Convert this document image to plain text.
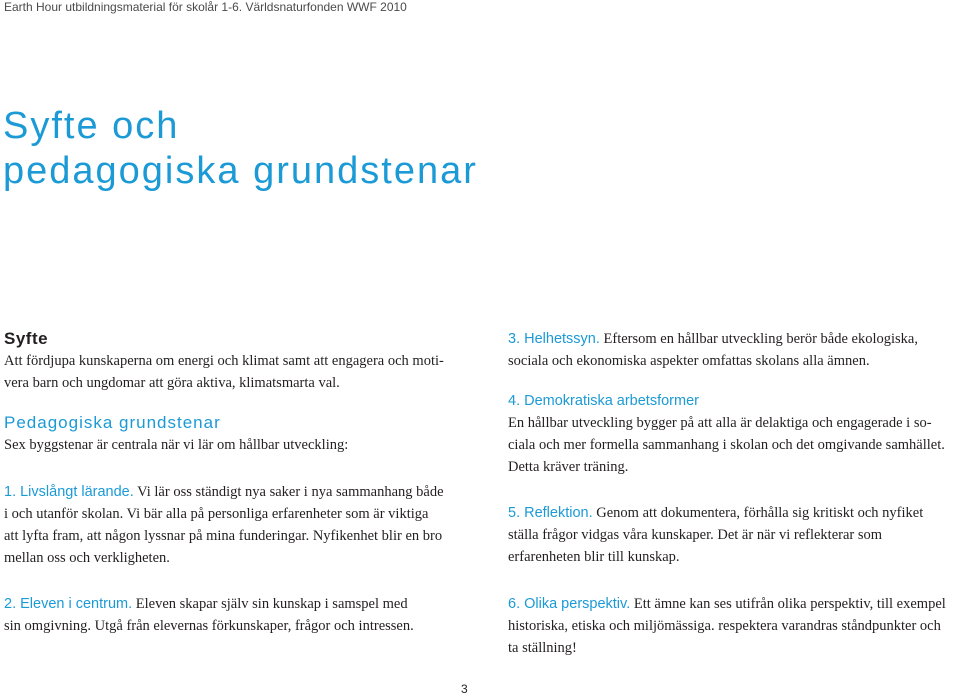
Earth Hour utbildningsmaterial för skolår 1-6. Världsnaturfonden WWF 2010
Syfte och
pedagogiska grundstenar
Syfte

Att fördjupa kunskaperna om energi och klimat samt att engagera och moti-
vera barn och ungdomar att göra aktiva, klimatsmarta val.

Pedagogiska grundstenar

Sex byggstenar är centrala när vi lär om hållbar utveckling:

1. Livslångt lärande. Vi lär oss ständigt nya saker i nya sammanhang både
i och utanför skolan. Vi bär alla på personliga erfarenheter som är viktiga
att lyfta fram, att någon lyssnar på mina funderingar. Nyfikenhet blir en bro
mellan oss och verkligheten.

2. Eleven i centrum. Eleven skapar själv sin kunskap i samspel med
sin omgivning. Utgå från elevernas förkunskaper, frågor och intressen.

3. Helhetssyn. Eftersom en hållbar utveckling berör både ekologiska,
sociala och ekonomiska aspekter omfattas skolans alla ämnen.

4. Demokratiska arbetsformer
En hållbar utveckling bygger på att alla är delaktiga och engagerade i so-
ciala och mer formella sammanhang i skolan och det omgivande samhället.
Detta kräver träning.

5. Reflektion. Genom att dokumentera, förhålla sig kritiskt och nyfiket
ställa frågor vidgas våra kunskaper. Det är när vi reflekterar som
erfarenheten blir till kunskap.

6. Olika perspektiv. Ett ämne kan ses utifrån olika perspektiv, till exempel
historiska, etiska och miljömässiga. respektera varandras ståndpunkter och
ta ställning!

3
